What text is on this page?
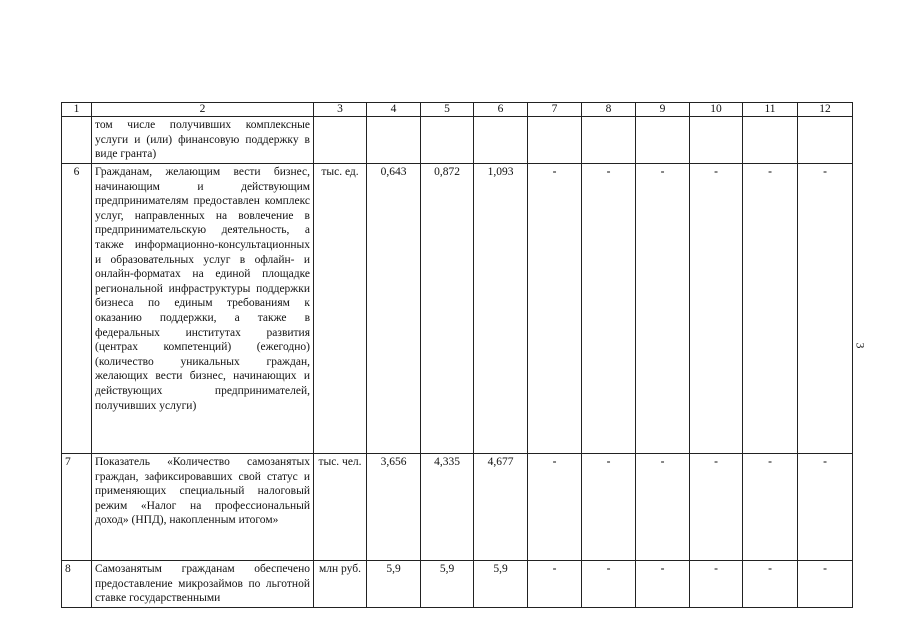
1	2	3	4	5	6	7	8	9	10	11	12
	том числе получивших комплексные услуги и (или) финансовую поддержку в виде гранта)										
6	Гражданам, желающим вести бизнес, начинающим и действующим предпринимателям предоставлен комплекс услуг, направленных на вовлечение в предпринимательскую деятельность, а также информационно-консультационных и образовательных услуг в офлайн- и онлайн-форматах на единой площадке региональной инфраструктуры поддержки бизнеса по единым требованиям к оказанию поддержки, а также в федеральных институтах развития (центрах компетенций) (ежегодно) (количество уникальных граждан, желающих вести бизнес, начинающих и действующих предпринимателей, получивших услуги)	тыс. ед.	0,643	0,872	1,093	-	-	-	-	-	-
7	Показатель «Количество самозанятых граждан, зафиксировавших свой статус и применяющих специальный налоговый режим «Налог на профессиональный доход» (НПД), накопленным итогом»	тыс. чел.	3,656	4,335	4,677	-	-	-	-	-	-
8	Самозанятым гражданам обеспечено предоставление микрозаймов по льготной ставке государственными	млн руб.	5,9	5,9	5,9	-	-	-	-	-	-
3
